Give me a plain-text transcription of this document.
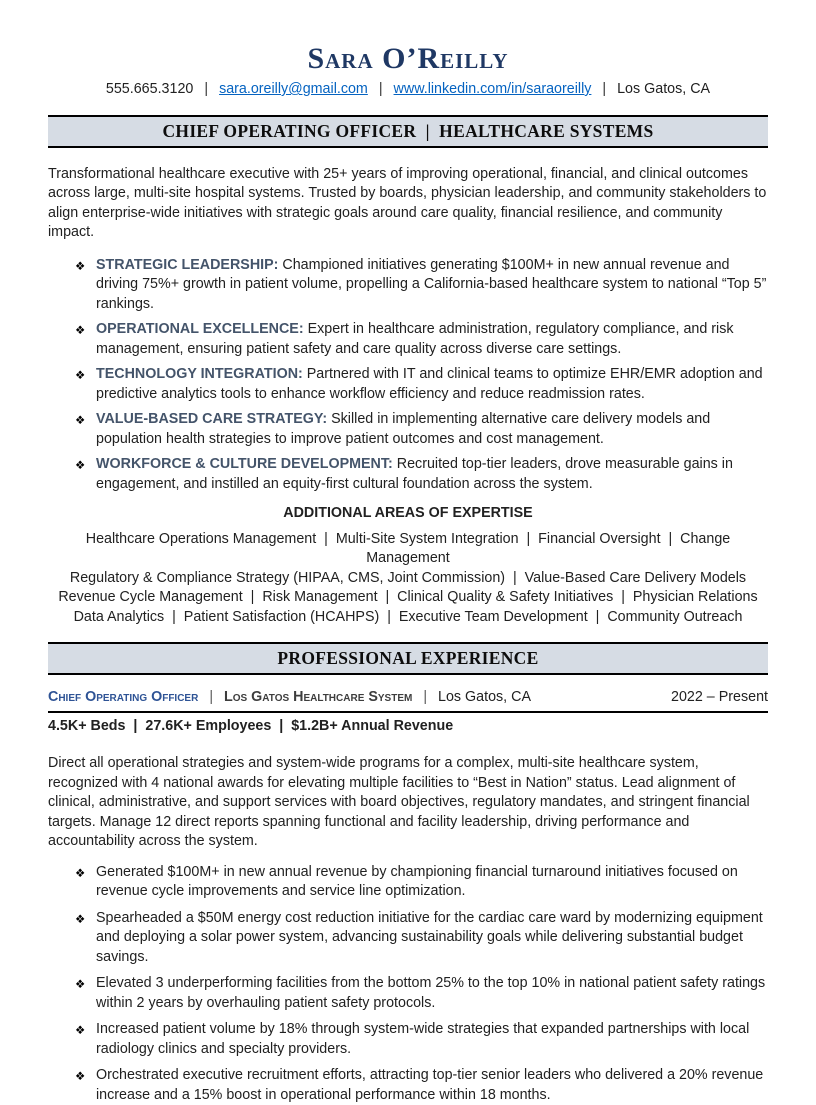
Sara O’Reilly
555.665.3120 | sara.oreilly@gmail.com | www.linkedin.com/in/saraoreilly | Los Gatos, CA
CHIEF OPERATING OFFICER  |  HEALTHCARE SYSTEMS
Transformational healthcare executive with 25+ years of improving operational, financial, and clinical outcomes across large, multi-site hospital systems. Trusted by boards, physician leadership, and community stakeholders to align enterprise-wide initiatives with strategic goals around care quality, financial resilience, and community impact.
❖ STRATEGIC LEADERSHIP: Championed initiatives generating $100M+ in new annual revenue and driving 75%+ growth in patient volume, propelling a California-based healthcare system to national “Top 5” rankings.
❖ OPERATIONAL EXCELLENCE: Expert in healthcare administration, regulatory compliance, and risk management, ensuring patient safety and care quality across diverse care settings.
❖ TECHNOLOGY INTEGRATION: Partnered with IT and clinical teams to optimize EHR/EMR adoption and predictive analytics tools to enhance workflow efficiency and reduce readmission rates.
❖ VALUE-BASED CARE STRATEGY: Skilled in implementing alternative care delivery models and population health strategies to improve patient outcomes and cost management.
❖ WORKFORCE & CULTURE DEVELOPMENT: Recruited top-tier leaders, drove measurable gains in engagement, and instilled an equity-first cultural foundation across the system.
ADDITIONAL AREAS OF EXPERTISE
Healthcare Operations Management  |  Multi-Site System Integration  |  Financial Oversight  |  Change Management
Regulatory & Compliance Strategy (HIPAA, CMS, Joint Commission)  |  Value-Based Care Delivery Models
Revenue Cycle Management  |  Risk Management  |  Clinical Quality & Safety Initiatives  |  Physician Relations
Data Analytics  |  Patient Satisfaction (HCAHPS)  |  Executive Team Development  |  Community Outreach
PROFESSIONAL EXPERIENCE
Chief Operating Officer | Los Gatos Healthcare System | Los Gatos, CA	2022 – Present
4.5K+ Beds  |  27.6K+ Employees  |  $1.2B+ Annual Revenue
Direct all operational strategies and system-wide programs for a complex, multi-site healthcare system, recognized with 4 national awards for elevating multiple facilities to “Best in Nation” status. Lead alignment of clinical, administrative, and support services with board objectives, regulatory mandates, and stringent financial targets. Manage 12 direct reports spanning functional and facility leadership, driving performance and accountability across the system.
❖ Generated $100M+ in new annual revenue by championing financial turnaround initiatives focused on revenue cycle improvements and service line optimization.
❖ Spearheaded a $50M energy cost reduction initiative for the cardiac care ward by modernizing equipment and deploying a solar power system, advancing sustainability goals while delivering substantial budget savings.
❖ Elevated 3 underperforming facilities from the bottom 25% to the top 10% in national patient safety ratings within 2 years by overhauling patient safety protocols.
❖ Increased patient volume by 18% through system-wide strategies that expanded partnerships with local radiology clinics and specialty providers.
❖ Orchestrated executive recruitment efforts, attracting top-tier senior leaders who delivered a 20% revenue increase and a 15% boost in operational performance within 18 months.
